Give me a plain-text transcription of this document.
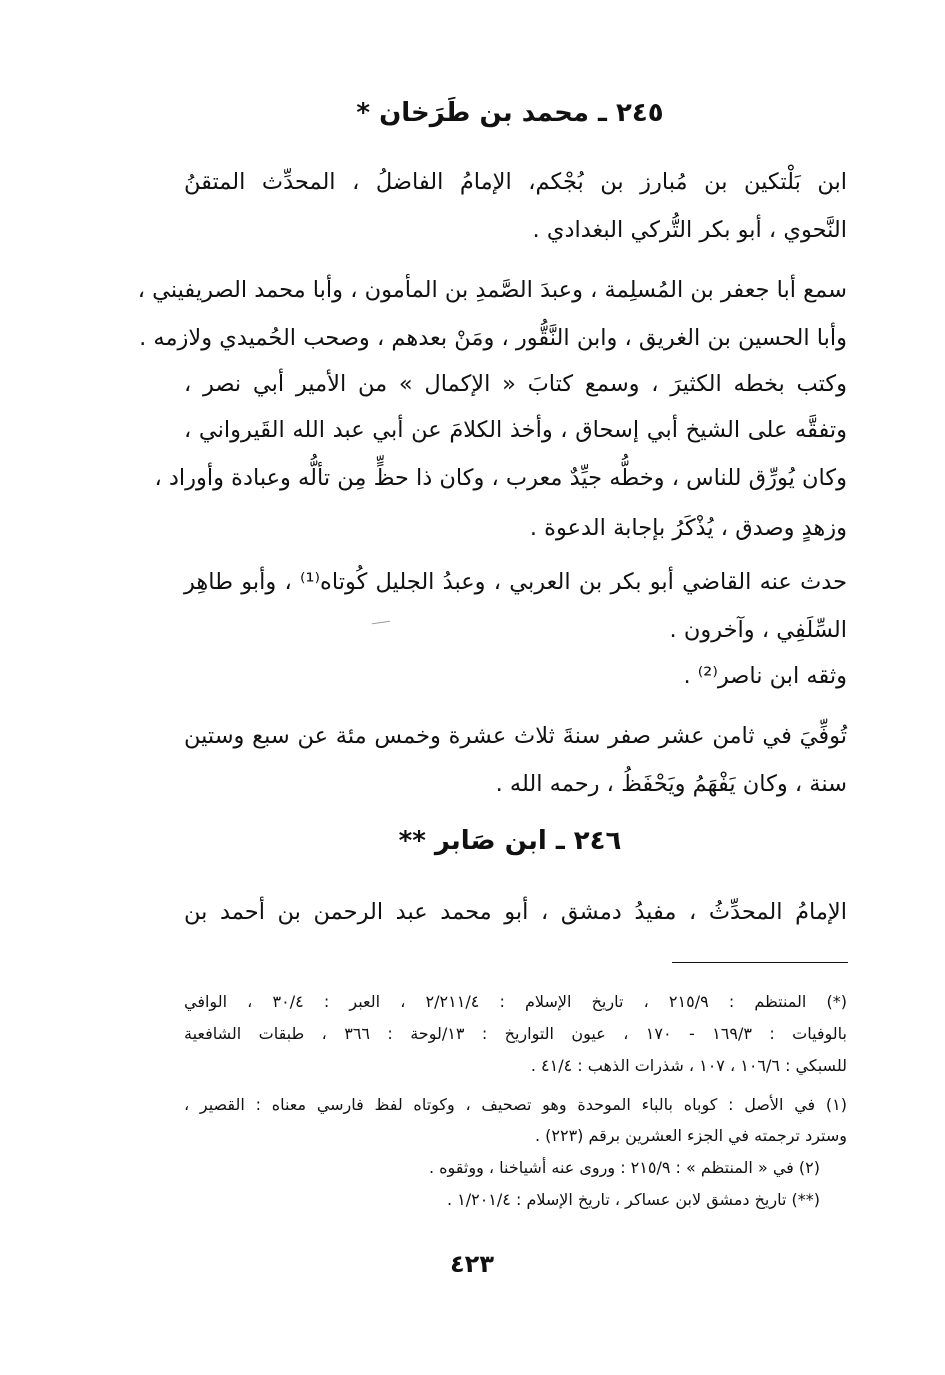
٢٤٥ ـ محمد بن طَرَخان *
ابن بَلْتكين بن مُبارز بن بُجْكم، الإمامُ الفاضلُ ، المحدِّث المتقنُ
النَّحوي ، أبو بكر التُّركي البغدادي .
سمع أبا جعفر بن المُسلِمة ، وعبدَ الصَّمدِ بن المأمون ، وأبا محمد الصريفيني ،
وأبا الحسين بن الغريق ، وابن النَّقُّور ، ومَنْ بعدهم ، وصحب الحُميدي ولازمه .
وكتب بخطه الكثيرَ ، وسمع كتابَ « الإكمال » من الأمير أبي نصر ،
وتفقَّه على الشيخ أبي إسحاق ، وأخذ الكلامَ عن أبي عبد الله القَيرواني ،
وكان يُورِّق للناس ، وخطُّه جيِّدٌ معرب ، وكان ذا حظٍّ مِن تألُّه وعبادة وأوراد ،
وزهدٍ وصدق ، يُذْكَرُ بإجابة الدعوة .
حدث عنه القاضي أبو بكر بن العربي ، وعبدُ الجليل كُوتاه⁽¹⁾ ، وأبو طاهِر
السِّلَفِي ، وآخرون .
وثقه ابن ناصر⁽²⁾ .
تُوفِّيَ في ثامن عشر صفر سنةَ ثلاث عشرة وخمس مئة عن سبع وستين
سنة ، وكان يَفْهَمُ ويَحْفَظُ ، رحمه الله .
٢٤٦ ـ ابن صَابر **
الإمامُ المحدِّثُ ، مفيدُ دمشق ، أبو محمد عبد الرحمن بن أحمد بن
(*) المنتظم : ٢١٥/٩ ، تاريخ الإسلام : ٢/٢١١/٤ ، العبر : ٣٠/٤ ، الوافي
بالوفيات : ١٦٩/٣ - ١٧٠ ، عيون التواريخ : ١٣/لوحة : ٣٦٦ ، طبقات الشافعية
للسبكي : ١٠٦/٦ ، ١٠٧ ، شذرات الذهب : ٤١/٤ .
(١) في الأصل : كوباه بالباء الموحدة وهو تصحيف ، وكوتاه لفظ فارسي معناه : القصير ،
وسترد ترجمته في الجزء العشرين برقم (٢٢٣) .
(٢) في « المنتظم » : ٢١٥/٩ : وروى عنه أشياخنا ، ووثقوه .
(**) تاريخ دمشق لابن عساكر ، تاريخ الإسلام : ١/٢٠١/٤ .
٤٢٣
